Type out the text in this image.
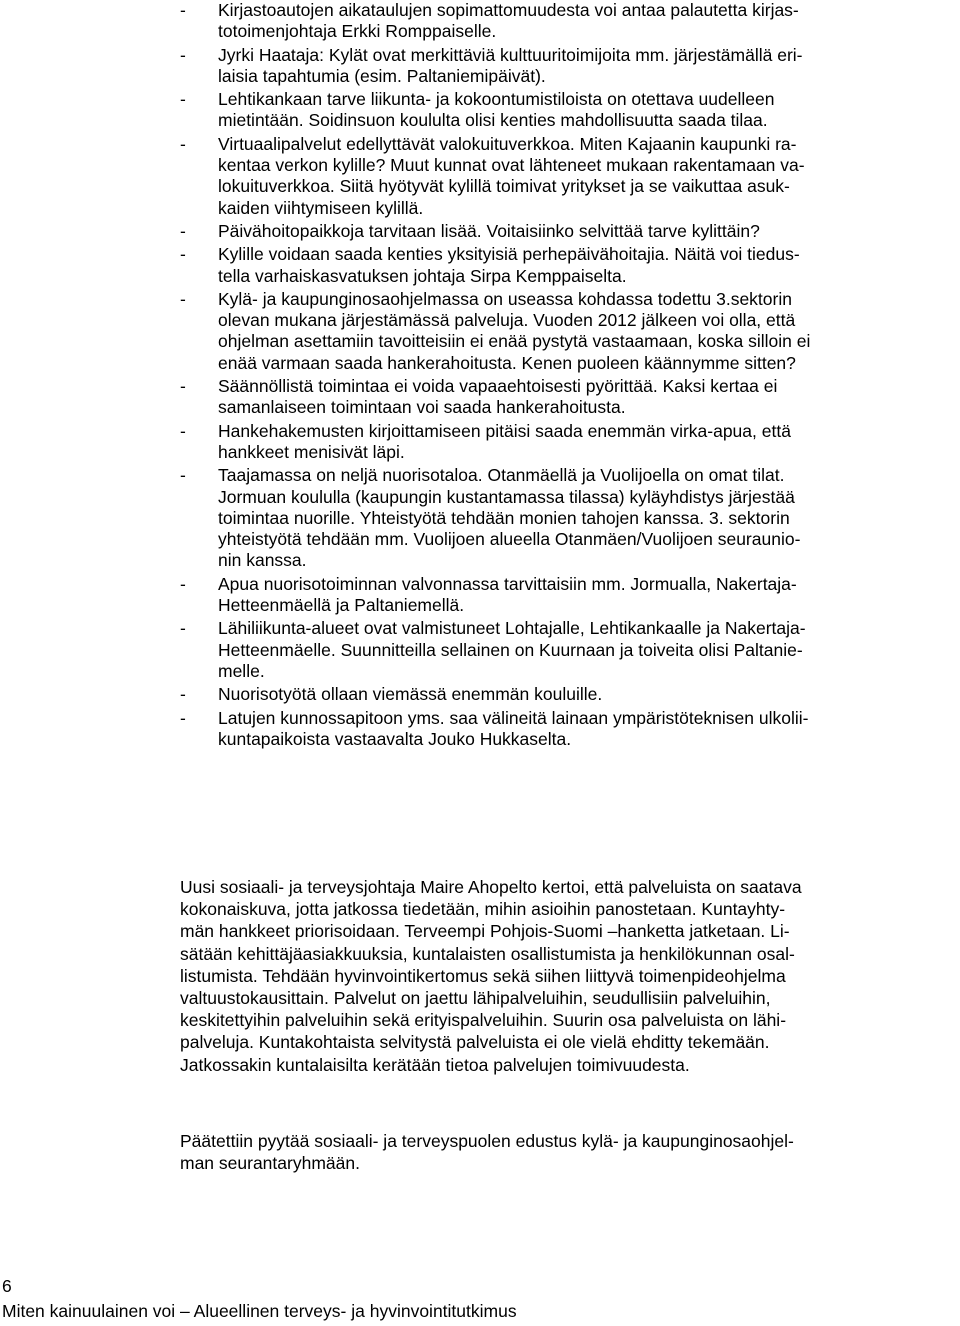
- Kirjastoautojen aikataulujen sopimattomuudesta voi antaa palautetta kirjas-
totoimenjohtaja Erkki Romppaiselle.
- Jyrki Haataja: Kylät ovat merkittäviä kulttuuritoimijoita mm. järjestämällä eri-
laisia tapahtumia (esim. Paltaniemipäivät).
- Lehtikankaan tarve liikunta- ja kokoontumistiloista on otettava uudelleen
mietintään. Soidinsuon koululta olisi kenties mahdollisuutta saada tilaa.
- Virtuaalipalvelut edellyttävät valokuituverkkoa. Miten Kajaanin kaupunki ra-
kentaa verkon kylille? Muut kunnat ovat lähteneet mukaan rakentamaan va-
lokuituverkkoa. Siitä hyötyvät kylillä toimivat yritykset ja se vaikuttaa asuk-
kaiden viihtymiseen kylillä.
- Päivähoitopaikkoja tarvitaan lisää. Voitaisiinko selvittää tarve kylittäin?
- Kylille voidaan saada kenties yksityisiä perhepäivähoitajia. Näitä voi tiedus-
tella varhaiskasvatuksen johtaja Sirpa Kemppaiselta.
- Kylä- ja kaupunginosaohjelmassa on useassa kohdassa todettu 3.sektorin
olevan mukana järjestämässä palveluja. Vuoden 2012 jälkeen voi olla, että
ohjelman asettamiin tavoitteisiin ei enää pystytä vastaamaan, koska silloin ei
enää varmaan saada hankerahoitusta. Kenen puoleen käännymme sitten?
- Säännöllistä toimintaa ei voida vapaaehtoisesti pyörittää. Kaksi kertaa ei
samanlaiseen toimintaan voi saada hankerahoitusta.
- Hankehakemusten kirjoittamiseen pitäisi saada enemmän virka-apua, että
hankkeet menisivät läpi.
- Taajamassa on neljä nuorisotaloa. Otanmäellä ja Vuolijoella on omat tilat.
Jormuan koululla (kaupungin kustantamassa tilassa) kyläyhdistys järjestää
toimintaa nuorille. Yhteistyötä tehdään monien tahojen kanssa. 3. sektorin
yhteistyötä tehdään mm. Vuolijoen alueella Otanmäen/Vuolijoen seuraunio-
nin kanssa.
- Apua nuorisotoiminnan valvonnassa tarvittaisiin mm. Jormualla, Nakertaja-
Hetteenmäellä ja Paltaniemellä.
- Lähiliikunta-alueet ovat valmistuneet Lohtajalle, Lehtikankaalle ja Nakertaja-
Hetteenmäelle. Suunnitteilla sellainen on Kuurnaan ja toiveita olisi Paltanie-
melle.
- Nuorisotyötä ollaan viemässä enemmän kouluille.
- Latujen kunnossapitoon yms. saa välineitä lainaan ympäristöteknisen ulkolii-
kuntapaikoista vastaavalta Jouko Hukkaselta.

Uusi sosiaali- ja terveysjohtaja Maire Ahopelto kertoi, että palveluista on saatava
kokonaiskuva, jotta jatkossa tiedetään, mihin asioihin panostetaan. Kuntayhty-
män hankkeet priorisoidaan. Terveempi Pohjois-Suomi –hanketta jatketaan. Li-
sätään kehittäjäasiakkuuksia, kuntalaisten osallistumista ja henkilökunnan osal-
listumista. Tehdään hyvinvointikertomus sekä siihen liittyvä toimenpideohjelma
valtuustokausittain. Palvelut on jaettu lähipalveluihin, seudullisiin palveluihin,
keskitettyihin palveluihin sekä erityispalveluihin. Suurin osa palveluista on lähi-
palveluja. Kuntakohtaista selvitystä palveluista ei ole vielä ehditty tekemään.
Jatkossakin kuntalaisilta kerätään tietoa palvelujen toimivuudesta.

Päätettiin pyytää sosiaali- ja terveyspuolen edustus kylä- ja kaupunginosaohjel-
man seurantaryhmään.

6
Miten kainuulainen voi – Alueellinen terveys- ja hyvinvointitutkimus
